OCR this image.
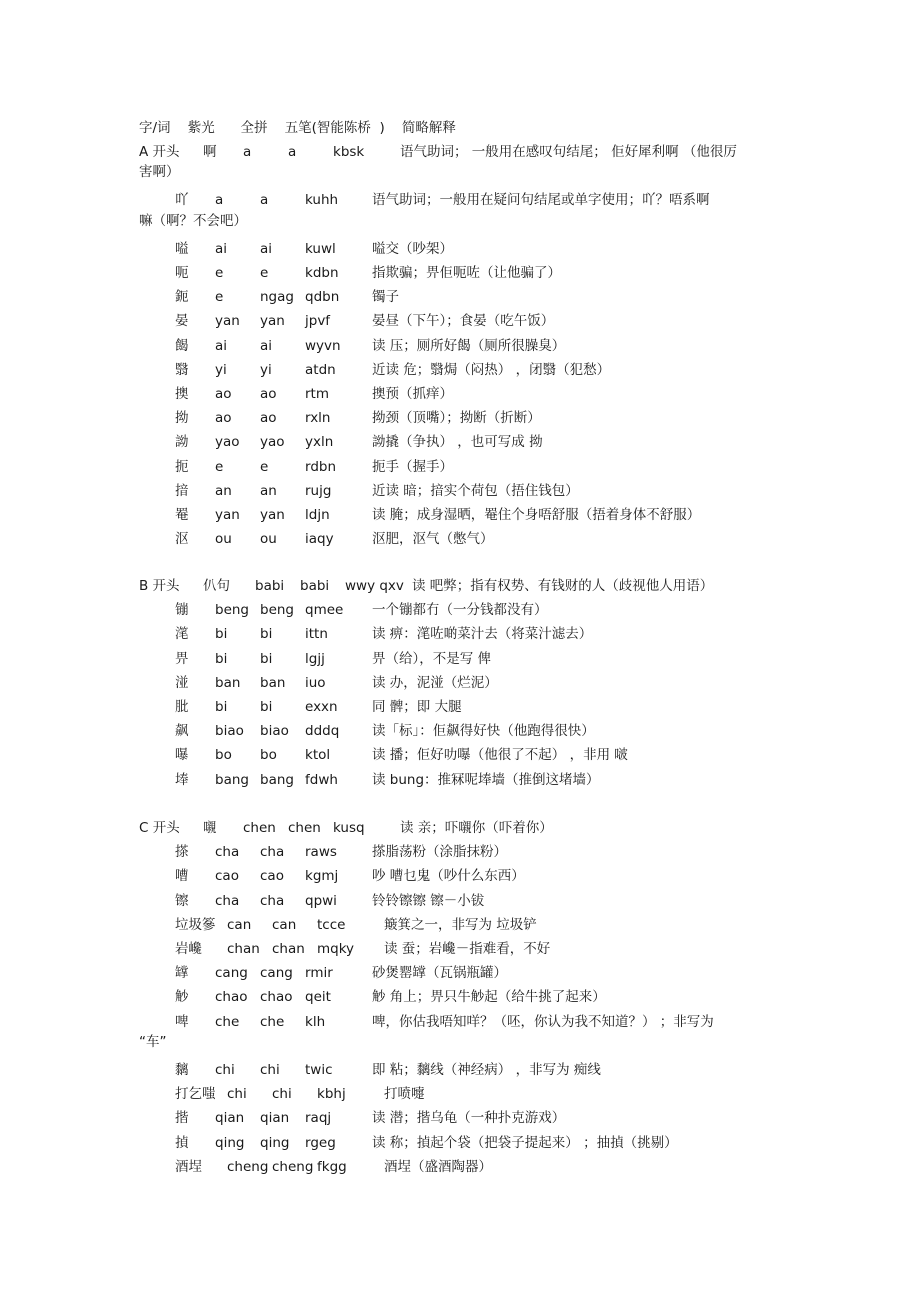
字/词    紫光      全拼    五笔(智能陈桥  )    简略解释
A 开头 啊 a	a	kbsk	语气助词； 一般用在感叹句结尾； 佢好犀利啊 （他很厉
害啊）
吖 a	a	kuhh	语气助词；一般用在疑问句结尾或单字使用；吖？唔系啊
嘛（啊？不会吧）
嗌 ai ai kuwl	嗌交（吵架）
呃 e	e	kdbn 指欺骗；畀佢呃咗（让他骗了）
鈪 e	ngag qdbn 镯子
晏 yan yan jpvf	晏昼（下午）；食晏（吃午饭）
餲 ai ai wyvn 读 压；厕所好餲（厕所很臊臭）
翳 yi yi atdn	近读 危；翳焗（闷热） ，闭翳（犯愁）
擙 ao ao rtm	擙预（抓痒）
拗 ao ao rxln	拗颈（顶嘴）；拗断（折断）
詏 yao yao yxln	詏撬（争执） ，也可写成 拗
扼 e	e	rdbn	扼手（握手）
揞 an an rujg	近读 暗；揞实个荷包（捂住钱包）
罨 yan yan ldjn	读 腌；成身湿晒，罨住个身唔舒服（捂着身体不舒服）
沤 ou ou iaqy	沤肥，沤气（憋气）
B 开头 仈句 babi babi wwy qxv 读 吧弊；指有权势、有钱财的人（歧视他人用语）
镚 beng beng qmee 一个镚都冇（一分钱都没有）
滗 bi bi ittn	读 痹：滗咗啲菜汁去（将菜汁滤去）
畀 bi bi lgjj	畀（给），不是写 俾
湴 ban ban iuo	读 办，泥湴（烂泥）
肶 bi bi exxn	同 髀；即 大腿
飙 biao biao dddq 读「标」：佢飙得好快（他跑得很快）
嚗 bo bo ktol	读 播；佢好叻嚗（他很了不起） ，非用 啵
埲 bang bang fdwh	读 bung：推冧呢埲墙（推倒这堵墙）
C 开头 嚫 chen chen kusq	读 亲；吓嚫你（吓着你）
搽 cha cha raws	搽脂荡粉（涂脂抹粉）
嘈 cao cao kgmj 吵 嘈乜鬼（吵什么东西）
镲 cha cha qpwi	铃铃镲镲 镲－小钹
垃圾篸 can can tcce	簸箕之一，非写为 垃圾铲
岩巉 chan chan mqky 读 蚕；岩巉－指难看，不好
罉 cang cang rmir	砂煲罂罉（瓦锅瓶罐）
觘 chao chao qeit	觘 角上；畀只牛觘起（给牛挑了起来）
啤 che che klh	啤，你估我唔知咩？（呸，你认为我不知道？） ；非写为
“车”
黐 chi chi twic	即 粘；黐线（神经病） ，非写为 痴线
打乞嗤 chi chi kbhj	打喷嚏
揩 qian qian raqj	读 潜；揩乌龟（一种扑克游戏）
揁 qing qing rgeg	读 称；揁起个袋（把袋子提起来） ；抽揁（挑剔）
酒埕 cheng cheng fkgg	酒埕（盛酒陶器）
